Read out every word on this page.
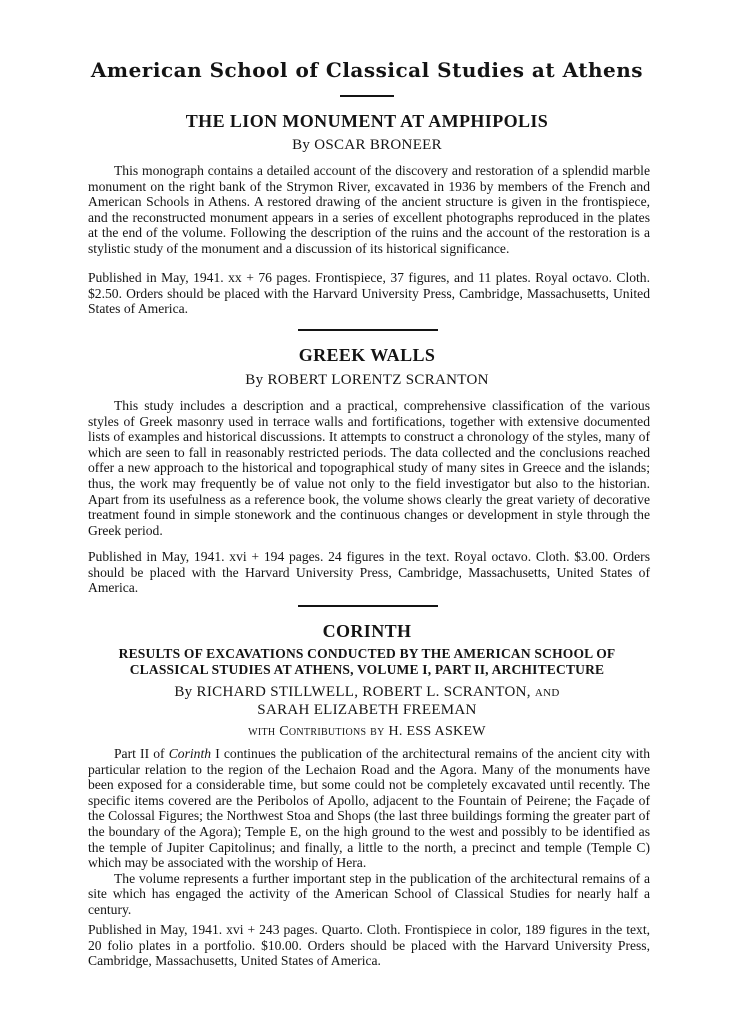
American School of Classical Studies at Athens
THE LION MONUMENT AT AMPHIPOLIS
By OSCAR BRONEER

This monograph contains a detailed account of the discovery and restoration of a splendid marble monument on the right bank of the Strymon River, excavated in 1936 by members of the French and American Schools in Athens. A restored drawing of the ancient structure is given in the frontispiece, and the reconstructed monument appears in a series of excellent photographs reproduced in the plates at the end of the volume. Following the description of the ruins and the account of the restoration is a stylistic study of the monument and a discussion of its historical significance.

Published in May, 1941. xx + 76 pages. Frontispiece, 37 figures, and 11 plates. Royal octavo. Cloth. $2.50. Orders should be placed with the Harvard University Press, Cambridge, Massachusetts, United States of America.

GREEK WALLS
By ROBERT LORENTZ SCRANTON

This study includes a description and a practical, comprehensive classification of the various styles of Greek masonry used in terrace walls and fortifications, together with extensive documented lists of examples and historical discussions. It attempts to construct a chronology of the styles, many of which are seen to fall in reasonably restricted periods. The data collected and the conclusions reached offer a new approach to the historical and topographical study of many sites in Greece and the islands; thus, the work may frequently be of value not only to the field investigator but also to the historian. Apart from its usefulness as a reference book, the volume shows clearly the great variety of decorative treatment found in simple stonework and the continuous changes or development in style through the Greek period.

Published in May, 1941. xvi + 194 pages. 24 figures in the text. Royal octavo. Cloth. $3.00. Orders should be placed with the Harvard University Press, Cambridge, Massachusetts, United States of America.

CORINTH
RESULTS OF EXCAVATIONS CONDUCTED BY THE AMERICAN SCHOOL OF
CLASSICAL STUDIES AT ATHENS, VOLUME I, PART II, ARCHITECTURE
By RICHARD STILLWELL, ROBERT L. SCRANTON, AND
SARAH ELIZABETH FREEMAN
with Contributions by H. ESS ASKEW

Part II of Corinth I continues the publication of the architectural remains of the ancient city with particular relation to the region of the Lechaion Road and the Agora. Many of the monuments have been exposed for a considerable time, but some could not be completely excavated until recently. The specific items covered are the Peribolos of Apollo, adjacent to the Fountain of Peirene; the Façade of the Colossal Figures; the Northwest Stoa and Shops (the last three buildings forming the greater part of the boundary of the Agora); Temple E, on the high ground to the west and possibly to be identified as the temple of Jupiter Capitolinus; and finally, a little to the north, a precinct and temple (Temple C) which may be associated with the worship of Hera.

The volume represents a further important step in the publication of the architectural remains of a site which has engaged the activity of the American School of Classical Studies for nearly half a century.

Published in May, 1941. xvi + 243 pages. Quarto. Cloth. Frontispiece in color, 189 figures in the text, 20 folio plates in a portfolio. $10.00. Orders should be placed with the Harvard University Press, Cambridge, Massachusetts, United States of America.
